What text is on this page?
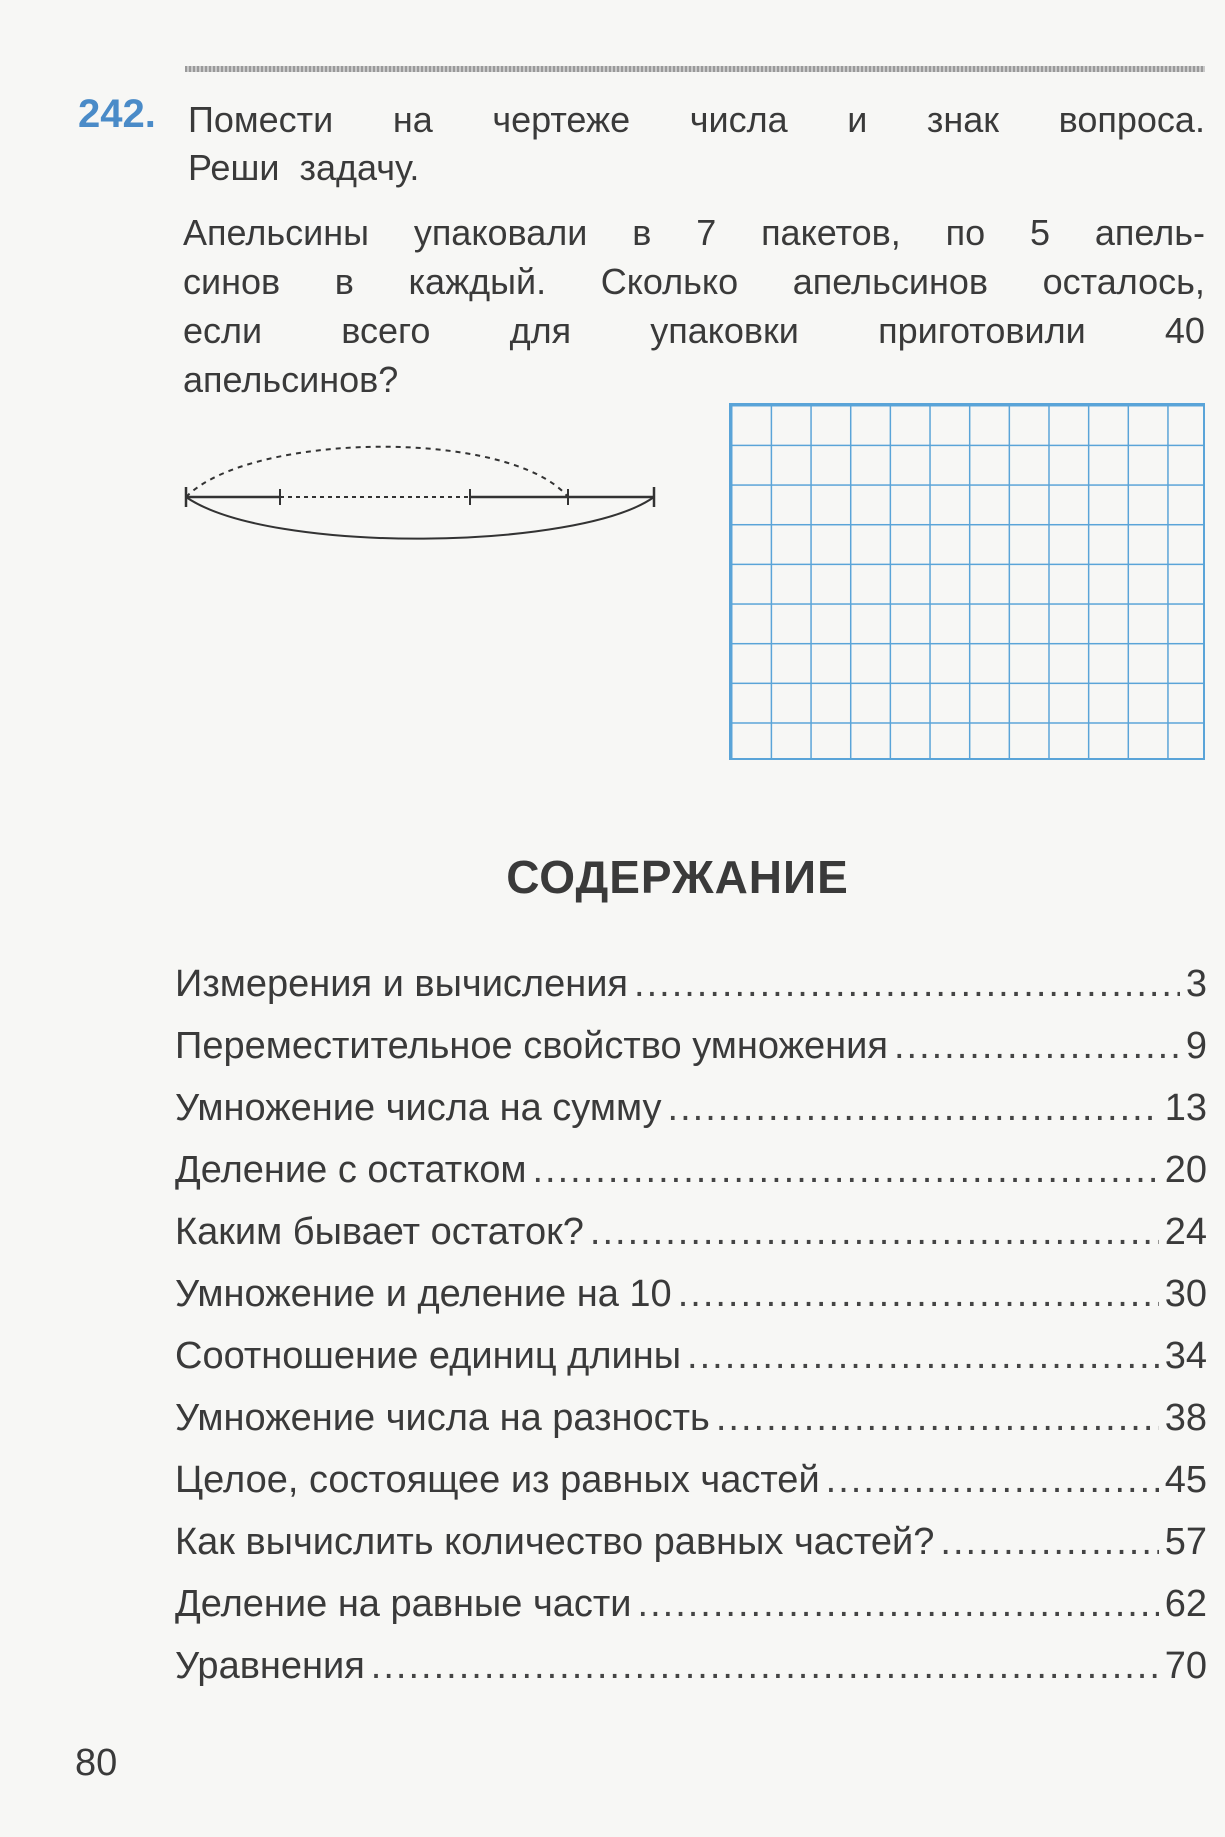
242. Помести на чертеже числа и знак вопроса.
Реши  задачу.
Апельсины упаковали в 7 пакетов, по 5 апель-
синов в каждый. Сколько апельсинов осталось,
если всего для упаковки приготовили 40
апельсинов?
СОДЕРЖАНИЕ
Измерения и вычисления .....	3
Переместительное свойство умножения .....	9
Умножение числа на сумму .....	13
Деление с остатком .....	20
Каким бывает остаток? .....	24
Умножение и деление на 10 .....	30
Соотношение единиц длины .....	34
Умножение числа на разность .....	38
Целое, состоящее из равных частей .....	45
Как вычислить количество равных частей? .....	57
Деление на равные части .....	62
Уравнения .....	70
80
